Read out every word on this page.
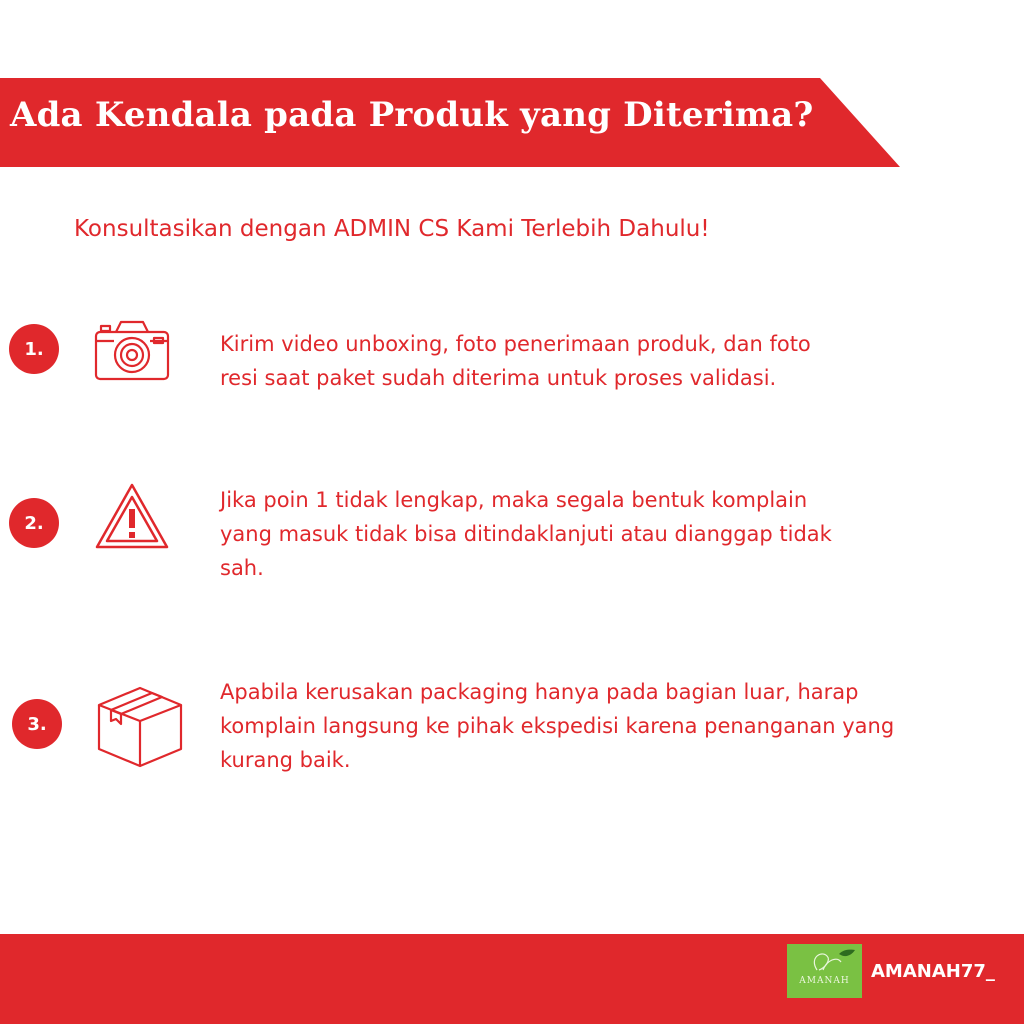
Ada Kendala pada Produk yang Diterima?
Konsultasikan dengan ADMIN CS Kami Terlebih Dahulu!
1.	Kirim video unboxing, foto penerimaan produk, dan foto
resi saat paket sudah diterima untuk proses validasi.
2.
Jika poin 1 tidak lengkap, maka segala bentuk komplain
yang masuk tidak bisa ditindaklanjuti atau dianggap tidak
sah.
3.
Apabila kerusakan packaging hanya pada bagian luar, harap
komplain langsung ke pihak ekspedisi karena penanganan yang
kurang baik.
AMANAH	AMANAH77_
